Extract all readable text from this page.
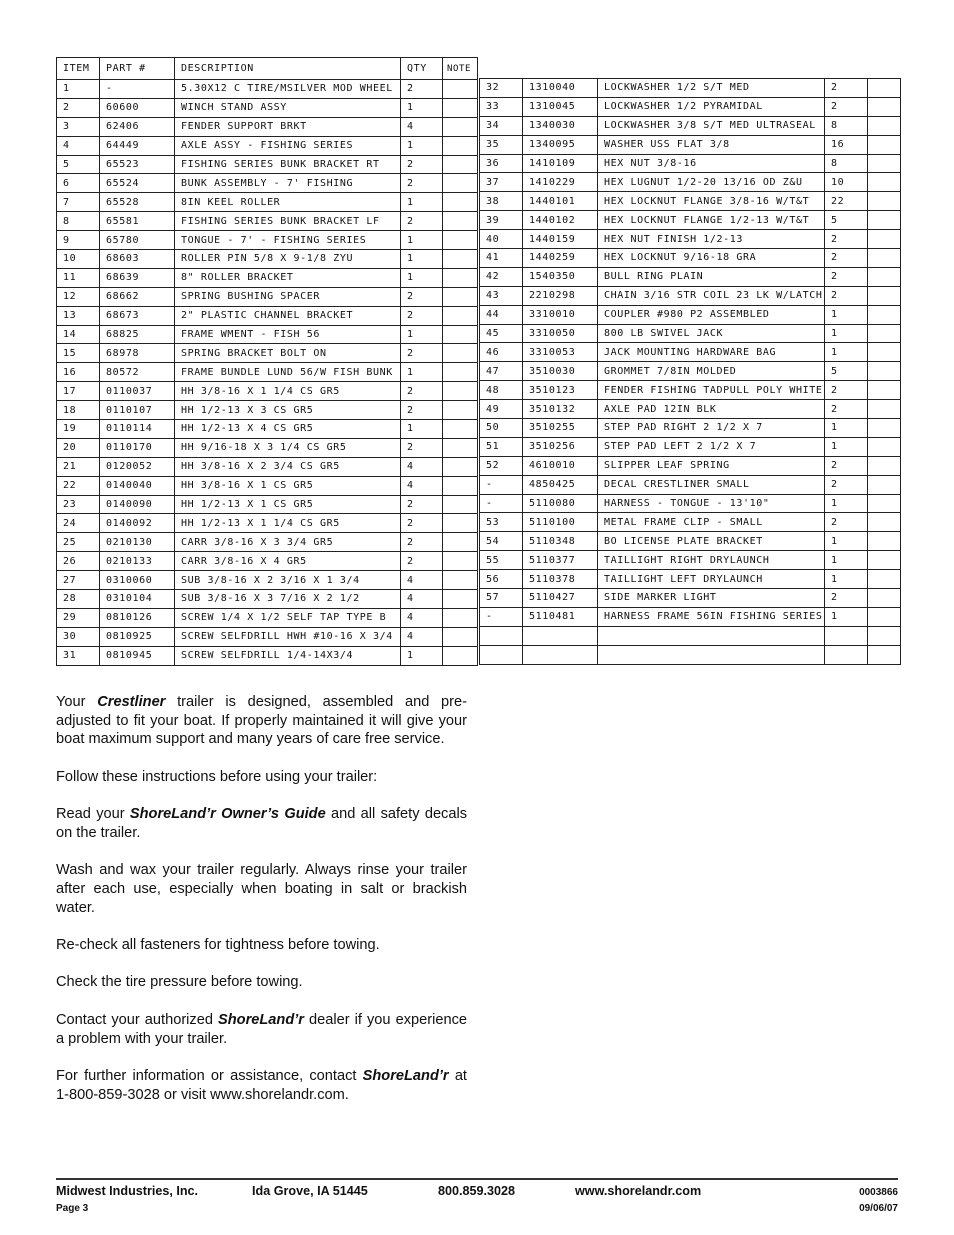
ITEM	PART #	DESCRIPTION	QTY	NOTE
1	-	5.30X12 C TIRE/MSILVER MOD WHEEL	2	
2	60600	WINCH STAND ASSY	1	
3	62406	FENDER SUPPORT BRKT	4	
4	64449	AXLE ASSY - FISHING SERIES	1	
5	65523	FISHING SERIES BUNK BRACKET RT	2	
6	65524	BUNK ASSEMBLY - 7' FISHING	2	
7	65528	8IN KEEL ROLLER	1	
8	65581	FISHING SERIES BUNK BRACKET LF	2	
9	65780	TONGUE - 7' - FISHING SERIES	1	
10	68603	ROLLER PIN 5/8 X 9-1/8 ZYU	1	
11	68639	8" ROLLER BRACKET	1	
12	68662	SPRING BUSHING SPACER	2	
13	68673	2" PLASTIC CHANNEL BRACKET	2	
14	68825	FRAME WMENT - FISH 56	1	
15	68978	SPRING BRACKET BOLT ON	2	
16	80572	FRAME BUNDLE LUND 56/W FISH BUNK	1	
17	0110037	HH 3/8-16 X 1 1/4 CS GR5	2	
18	0110107	HH 1/2-13 X 3 CS GR5	2	
19	0110114	HH 1/2-13 X 4 CS GR5	1	
20	0110170	HH 9/16-18 X 3 1/4 CS GR5	2	
21	0120052	HH 3/8-16 X 2 3/4 CS GR5	4	
22	0140040	HH 3/8-16 X 1 CS GR5	4	
23	0140090	HH 1/2-13 X 1 CS GR5	2	
24	0140092	HH 1/2-13 X 1 1/4 CS GR5	2	
25	0210130	CARR 3/8-16 X 3 3/4 GR5	2	
26	0210133	CARR 3/8-16 X 4 GR5	2	
27	0310060	SUB 3/8-16 X 2 3/16 X 1 3/4	4	
28	0310104	SUB 3/8-16 X 3 7/16 X 2 1/2	4	
29	0810126	SCREW 1/4 X 1/2 SELF TAP TYPE B	4	
30	0810925	SCREW SELFDRILL HWH #10-16 X 3/4	4	
31	0810945	SCREW SELFDRILL 1/4-14X3/4	1	
32	1310040	LOCKWASHER 1/2 S/T MED	2	
33	1310045	LOCKWASHER 1/2 PYRAMIDAL	2	
34	1340030	LOCKWASHER 3/8 S/T MED ULTRASEAL	8	
35	1340095	WASHER USS FLAT 3/8	16	
36	1410109	HEX NUT 3/8-16	8	
37	1410229	HEX LUGNUT 1/2-20 13/16 OD Z&U	10	
38	1440101	HEX LOCKNUT FLANGE 3/8-16 W/T&T	22	
39	1440102	HEX LOCKNUT FLANGE 1/2-13 W/T&T	5	
40	1440159	HEX NUT FINISH 1/2-13	2	
41	1440259	HEX LOCKNUT 9/16-18 GRA	2	
42	1540350	BULL RING PLAIN	2	
43	2210298	CHAIN 3/16 STR COIL 23 LK W/LATCH	2	
44	3310010	COUPLER #980 P2 ASSEMBLED	1	
45	3310050	800 LB SWIVEL JACK	1	
46	3310053	JACK MOUNTING HARDWARE BAG	1	
47	3510030	GROMMET 7/8IN MOLDED	5	
48	3510123	FENDER FISHING TADPULL POLY WHITE	2	
49	3510132	AXLE PAD 12IN BLK	2	
50	3510255	STEP PAD RIGHT 2 1/2 X 7	1	
51	3510256	STEP PAD LEFT 2 1/2 X 7	1	
52	4610010	SLIPPER LEAF SPRING	2	
-	4850425	DECAL CRESTLINER SMALL	2	
-	5110080	HARNESS - TONGUE - 13'10"	1	
53	5110100	METAL FRAME CLIP - SMALL	2	
54	5110348	BO LICENSE PLATE BRACKET	1	
55	5110377	TAILLIGHT RIGHT DRYLAUNCH	1	
56	5110378	TAILLIGHT LEFT DRYLAUNCH	1	
57	5110427	SIDE MARKER LIGHT	2	
-	5110481	HARNESS FRAME 56IN FISHING SERIES	1	

Your Crestliner trailer is designed, assembled and pre-adjusted to fit your boat. If properly maintained it will give your boat maximum support and many years of care free service.

Follow these instructions before using your trailer:

Read your ShoreLand’r Owner’s Guide and all safety decals on the trailer.

Wash and wax your trailer regularly. Always rinse your trailer after each use, especially when boating in salt or brackish water.

Re-check all fasteners for tightness before towing.

Check the tire pressure before towing.

Contact your authorized ShoreLand’r dealer if you experience a problem with your trailer.

For further information or assistance, contact ShoreLand’r at 1-800-859-3028 or visit www.shorelandr.com.

Midwest Industries, Inc.	Ida Grove, IA 51445	800.859.3028	www.shorelandr.com
Page 3
0003866
09/06/07
